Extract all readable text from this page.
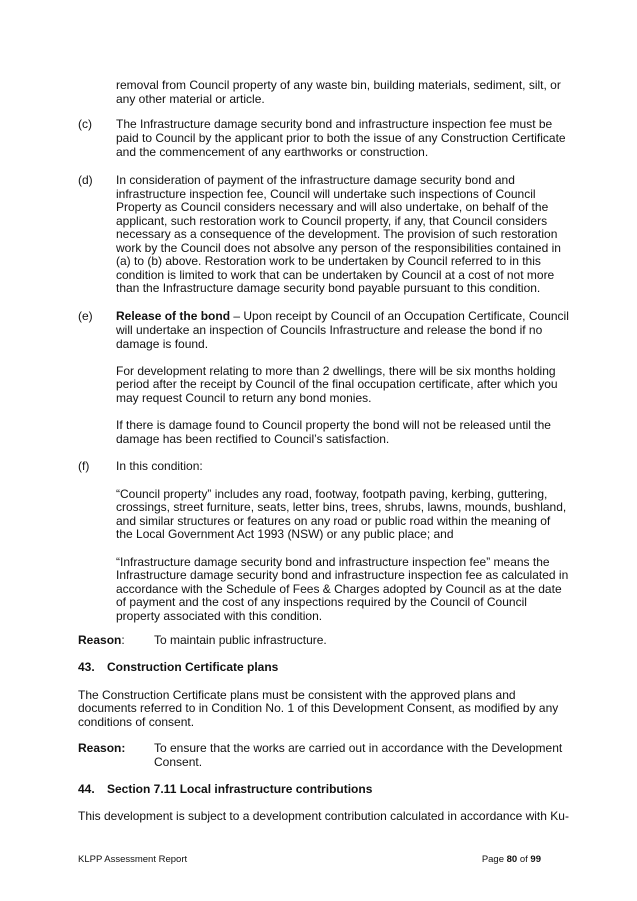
removal from Council property of any waste bin, building materials, sediment, silt, or

any other material or article.

(c) The Infrastructure damage security bond and infrastructure inspection fee must be

paid to Council by the applicant prior to both the issue of any Construction Certificate

and the commencement of any earthworks or construction.

(d) In consideration of payment of the infrastructure damage security bond and

infrastructure inspection fee, Council will undertake such inspections of Council

Property as Council considers necessary and will also undertake, on behalf of the

applicant, such restoration work to Council property, if any, that Council considers

necessary as a consequence of the development. The provision of such restoration

work by the Council does not absolve any person of the responsibilities contained in

(a) to (b) above. Restoration work to be undertaken by Council referred to in this

condition is limited to work that can be undertaken by Council at a cost of not more

than the Infrastructure damage security bond payable pursuant to this condition.

(e) Release of the bond – Upon receipt by Council of an Occupation Certificate, Council

will undertake an inspection of Councils Infrastructure and release the bond if no

damage is found.

For development relating to more than 2 dwellings, there will be six months holding

period after the receipt by Council of the final occupation certificate, after which you

may request Council to return any bond monies.

If there is damage found to Council property the bond will not be released until the

damage has been rectified to Council’s satisfaction.

(f) In this condition:

“Council property” includes any road, footway, footpath paving, kerbing, guttering,

crossings, street furniture, seats, letter bins, trees, shrubs, lawns, mounds, bushland,

and similar structures or features on any road or public road within the meaning of

the Local Government Act 1993 (NSW) or any public place; and

“Infrastructure damage security bond and infrastructure inspection fee” means the

Infrastructure damage security bond and infrastructure inspection fee as calculated in

accordance with the Schedule of Fees & Charges adopted by Council as at the date

of payment and the cost of any inspections required by the Council of Council

property associated with this condition.

Reason: To maintain public infrastructure.

43. Construction Certificate plans

The Construction Certificate plans must be consistent with the approved plans and

documents referred to in Condition No. 1 of this Development Consent, as modified by any

conditions of consent.

Reason: To ensure that the works are carried out in accordance with the Development

Consent.

44. Section 7.11 Local infrastructure contributions

This development is subject to a development contribution calculated in accordance with Ku-

KLPP Assessment Report	Page 80 of 99
